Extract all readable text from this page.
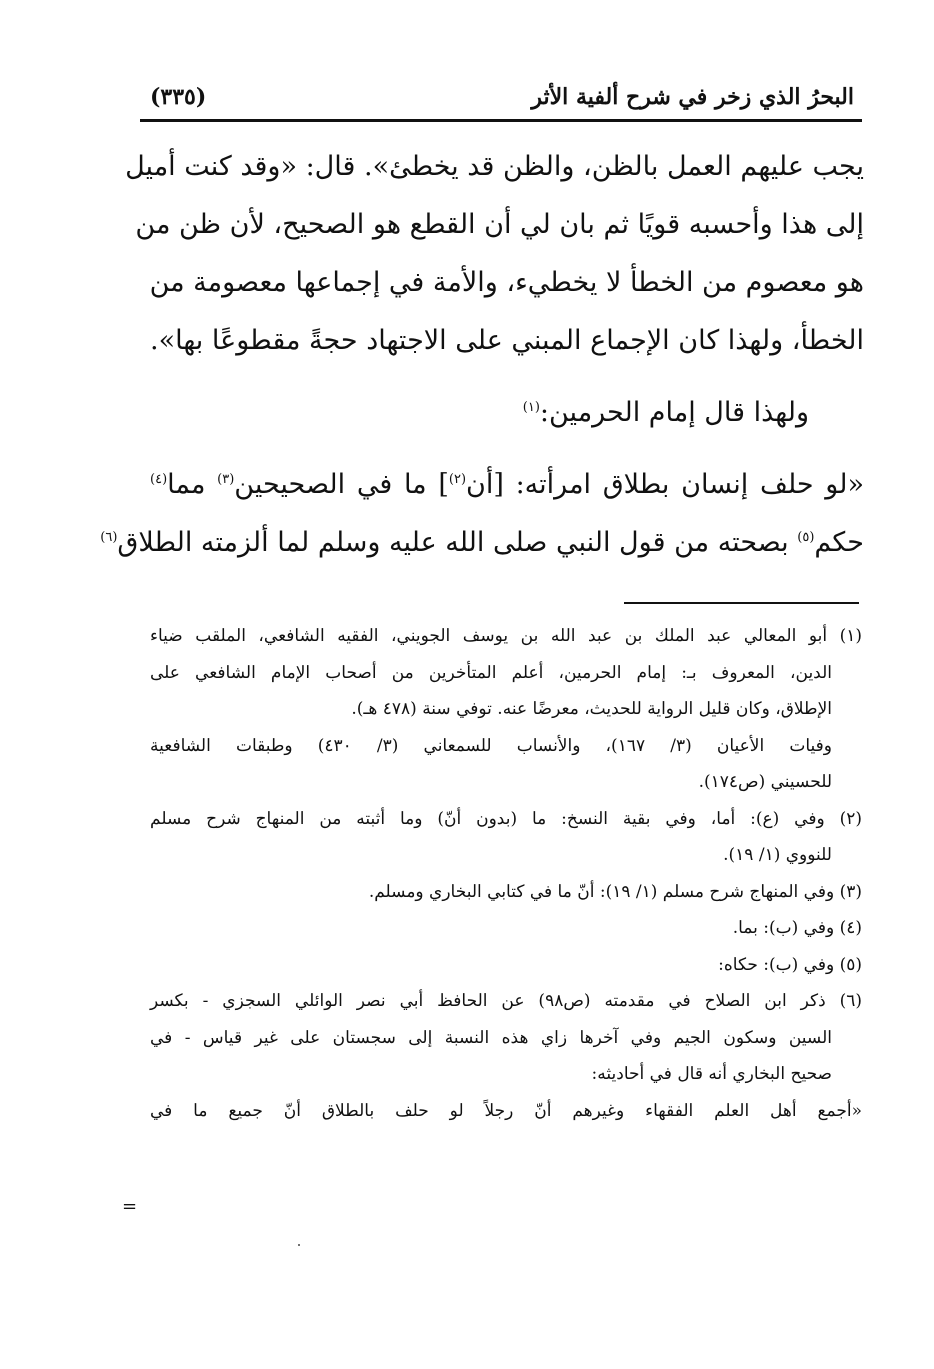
البحرُ الذي زخر في شرح ألفية الأثر
(٣٣٥)
يجب عليهم العمل بالظن، والظن قد يخطئ». قال: «وقد كنت أميل
إلى هذا وأحسبه قويًا ثم بان لي أن القطع هو الصحيح، لأن ظن من
هو معصوم من الخطأ لا يخطيء، والأمة في إجماعها معصومة من
الخطأ، ولهذا كان الإجماع المبني على الاجتهاد حجةً مقطوعًا بها».
ولهذا قال إمام الحرمين:$^{(١)}$
«لو حلف إنسان بطلاق امرأته: [أن$^{(٢)}$] ما في الصحيحين$^{(٣)}$ مما$^{(٤)}$
حكم$^{(٥)}$ بصحته من قول النبي صلى الله عليه وسلم لما ألزمته الطلاق$^{(٦)}$
(١) أبو المعالي عبد الملك بن عبد الله بن يوسف الجويني، الفقيه الشافعي، الملقب ضياء
الدين، المعروف بـ: إمام الحرمين، أعلم المتأخرين من أصحاب الإمام الشافعي على
الإطلاق، وكان قليل الرواية للحديث، معرضًا عنه. توفي سنة (٤٧٨ هـ).
وفيات الأعيان (٣/ ١٦٧)، والأنساب للسمعاني (٣/ ٤٣٠) وطبقات الشافعية
للحسيني (ص١٧٤).
(٢) وفي (ع): أما، وفي بقية النسخ: ما (بدون أنّ) وما أثبته من المنهاج شرح مسلم
للنووي (١/ ١٩).
(٣) وفي المنهاج شرح مسلم (١/ ١٩): أنّ ما في كتابي البخاري ومسلم.
(٤) وفي (ب): بما.
(٥) وفي (ب): حكاه:
(٦) ذكر ابن الصلاح في مقدمته (ص٩٨) عن الحافظ أبي نصر الوائلي السجزي - بكسر
السين وسكون الجيم وفي آخرها زاي هذه النسبة إلى سجستان على غير قياس - في
صحيح البخاري أنه قال في أحاديثه:
«أجمع أهل العلم الفقهاء وغيرهم أنّ رجلاً لو حلف بالطلاق أنّ جميع ما في
=
